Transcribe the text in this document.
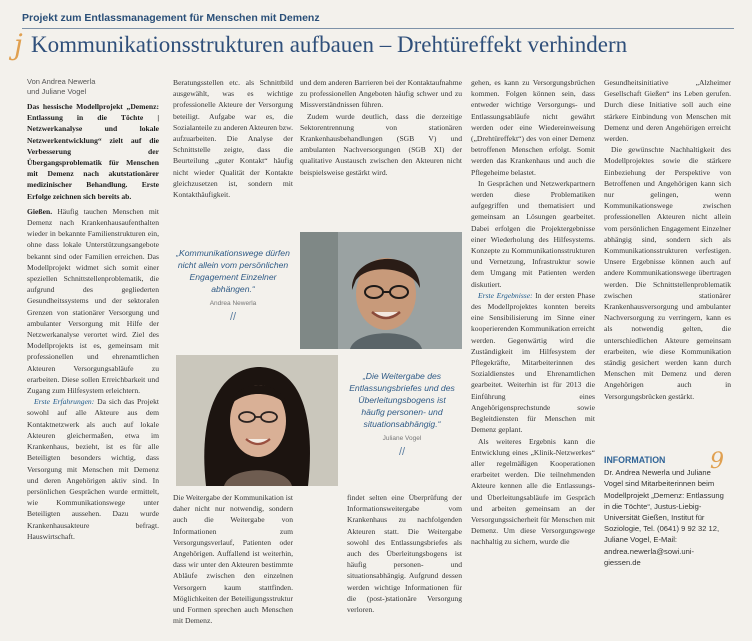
Projekt zum Entlassmanagement für Menschen mit Demenz
j Kommunikationsstrukturen aufbauen – Drehtüreffekt verhindern
Von Andrea Newerla
und Juliane Vogel

Das hessische Modellprojekt „Demenz: Entlassung in die Töchte | Netzwerkanalyse und lokale Netzwerkentwicklung“ zielt auf die Verbesserung der Übergangsproblematik für Menschen mit Demenz nach akutstationärer medizinischer Behandlung. Erste Erfolge zeichnen sich bereits ab.

Gießen. Häufig tauchen Menschen mit Demenz nach Krankenhausaufenthalten wieder in bekannte Familienstrukturen ein, ohne dass lokale Unterstützungsangebote bekannt sind oder Familien erreichen. Das Modellprojekt widmet sich somit einer speziellen Schnittstellenproblematik, die aufgrund des gegliederten Gesundheitssystems und der sektoralen Grenzen von stationärer Versorgung und ambulanter Versorgung mit Hilfe der Netzwerkanalyse verortet wird. Ziel des Modellprojekts ist es, gemeinsam mit professionellen und ehrenamtlichen Akteuren Versorgungsabläufe zu erarbeiten. Diese sollen Erreichbarkeit und Zugang zum Hilfesystem erleichtern.

Erste Erfahrungen: Da sich das Projekt sowohl auf alle Akteure aus dem Kontaktnetzwerk als auch auf lokale Akteuren gleichermaßen, etwa im Krankenhaus, bezieht, ist es für alle Beteiligten besonders wichtig, dass Versorgung mit Menschen mit Demenz und deren Angehörigen aktiv sind. In persönlichen Gesprächen wurde ermittelt, wie Kommunikationswege unter Beteiligten aussehen. Dazu wurde Krankenhausakteure befragt. Hauswirtschaft.

Beratungsstellen etc. als Schnittbild ausgewählt, was es wichtige professionelle Akteure der Versorgung beteiligt. Aufgabe war es, die Sozialanteile zu anderen Akteuren bzw. aufzuarbeiten. Die Analyse der Schnittstelle zeigte, dass die Beurteilung „guter Kontakt“ häufig nicht wieder Qualität der Kontakte gleichzusetzen ist, sondern mit Kontakthäufigkeit.

„Kommunikationswege dürfen nicht allein vom persönlichen Engagement Einzelner abhängen.“
Andrea Newerla
//

Die Weitergabe der Kommunikation ist daher nicht nur notwendig, sondern auch die Weitergabe von Informationen zum Versorgungsverlauf, Patienten oder Angehörigen. Auffallend ist weiterhin, dass wir unter den Akteuren bestimmte Abläufe zwischen den einzelnen Versorgern kaum stattfinden. Möglichkeiten der Beteiligungsstruktur und Formen sprechen auch Menschen mit Demenz.

und dem anderen Barrieren bei der Kontaktaufnahme zu professionellen Angeboten häufig schwer und zu Missverständnissen führen.

Zudem wurde deutlich, dass die derzeitige Sektorentrennung von stationären Krankenhausbehandlungen (SGB V) und ambulanten Nachversorgungen (SGB XI) der qualitative Austausch zwischen den Akteuren nicht beispielsweise gestärkt wird.

„Die Weitergabe des Entlassungsbriefes und des Überleitungsbogens ist häufig personen- und situationsabhängig.“
Juliane Vogel
//

findet selten eine Überprüfung der Informationsweitergabe vom Krankenhaus zu nachfolgenden Akteuren statt. Die Weitergabe sowohl des Entlassungsbriefes als auch des Überleitungsbogens ist häufig personen- und situationsabhängig. Aufgrund dessen werden wichtige Informationen für die (post-)stationäre Versorgung verloren.

gehen, es kann zu Versorgungsbrüchen kommen. Folgen können sein, dass entweder wichtige Versorgungs- und Entlassungsabläufe nicht gewährt werden oder eine Wiedereinweisung („Drehtüreffekt“) des von einer Demenz betroffenen Menschen erfolgt. Somit werden das Krankenhaus und auch die Pflegeheime belastet.

In Gesprächen und Netzwerkpartnern werden diese Problematiken aufgegriffen und thematisiert und gemeinsam an Lösungen gearbeitet. Dabei erfolgen die Projektergebnisse einer Wiederholung des Hilfesystems. Konzepte zu Kommunikationsstrukturen und Vernetzung, Infrastruktur sowie dem Umgang mit Patienten werden diskutiert.

Erste Ergebnisse: In der ersten Phase des Modellprojektes konnten bereits eine Sensibilisierung im Sinne einer kooperierenden Kommunikation erreicht werden. Gegenwärtig wird die Zuständigkeit im Hilfesystem der Pflegekräfte, Mitarbeiterinnen des Sozialdienstes und Ehrenamtlichen gearbeitet. Weiterhin ist für 2013 die Einführung eines Angehörigensprechstunde sowie Begleitdiensten für Menschen mit Demenz geplant.

Als weiteres Ergebnis kann die Entwicklung eines „Klinik-Netzwerkes“ aller regelmäßigen Kooperationen erarbeitet werden. Die teilnehmenden Akteure kennen alle die Entlassungs- und Überleitungsabläufe im Gespräch und arbeiten gemeinsam an der Versorgungssicherheit für Menschen mit Demenz. Um diese Versorgungswege nachhaltig zu sichern, wurde die

Gesundheitsinitiative „Alzheimer Gesellschaft Gießen“ ins Leben gerufen. Durch diese Initiative soll auch eine stärkere Einbindung von Menschen mit Demenz und deren Angehörigen erreicht werden.

Die gewünschte Nachhaltigkeit des Modellprojektes sowie die stärkere Einbeziehung der Perspektive von Betroffenen und Angehörigen kann sich nur gelingen, wenn Kommunikationswege zwischen professionellen Akteuren nicht allein vom persönlichen Engagement Einzelner abhängig sind, sondern sich als Kommunikationsstrukturen verfestigen. Unsere Ergebnisse können auch auf andere Kommunikationswege übertragen werden. Die Schnittstellenproblematik zwischen stationärer Krankenhausversorgung und ambulanter Nachversorgung zu verringern, kann es als notwendig gelten, die unterschiedlichen Akteure gemeinsam erarbeiten, wie diese Kommunikation ständig gesichert werden kann durch Menschen mit Demenz und deren Angehörigen auch in Versorgungsbrücken gestärkt.

9
INFORMATION
Dr. Andrea Newerla und Juliane Vogel sind Mitarbeiterinnen beim Modellprojekt „Demenz: Entlassung in die Töchte“, Justus-Liebig-Universität Gießen, Institut für Soziologie, Tel. (0641) 9 92 32 12, Juliane Vogel, E-Mail: andrea.newerla@sowi.uni-giessen.de
